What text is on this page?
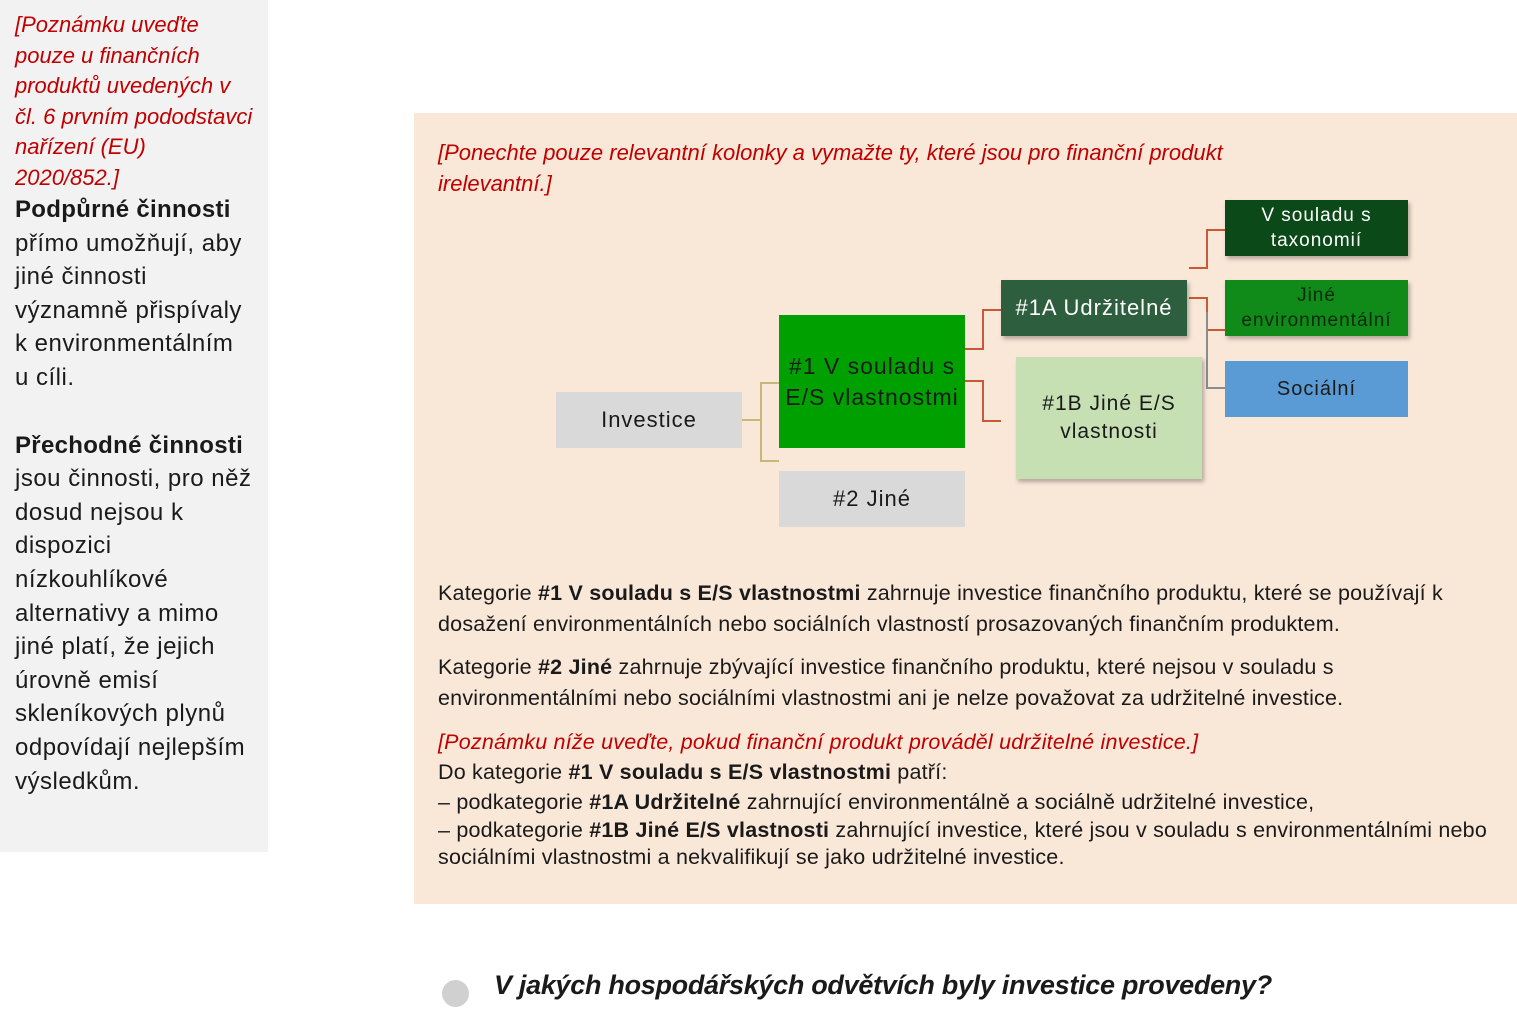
[Poznámku uveďte pouze u finančních produktů uvedených v čl. 6 prvním pododstavci nařízení (EU) 2020/852.]

Podpůrné činnosti přímo umožňují, aby jiné činnosti významně přispívaly k environmentálním u cíli.

Přechodné činnosti jsou činnosti, pro něž dosud nejsou k dispozici nízkouhlíkové alternativy a mimo jiné platí, že jejich úrovně emisí skleníkových plynů odpovídají nejlepším výsledkům.

[Ponechte pouze relevantní kolonky a vymažte ty, které jsou pro finanční produkt irelevantní.]

Investice
#1 V souladu s E/S vlastnostmi
#2 Jiné
#1A Udržitelné
#1B Jiné E/S vlastnosti
V souladu s taxonomií
Jiné environmentální
Sociální

Kategorie #1 V souladu s E/S vlastnostmi zahrnuje investice finančního produktu, které se používají k dosažení environmentálních nebo sociálních vlastností prosazovaných finančním produktem.

Kategorie #2 Jiné zahrnuje zbývající investice finančního produktu, které nejsou v souladu s environmentálními nebo sociálními vlastnostmi ani je nelze považovat za udržitelné investice.

[Poznámku níže uveďte, pokud finanční produkt prováděl udržitelné investice.]
Do kategorie #1 V souladu s E/S vlastnostmi patří:
– podkategorie #1A Udržitelné zahrnující environmentálně a sociálně udržitelné investice,
– podkategorie #1B Jiné E/S vlastnosti zahrnující investice, které jsou v souladu s environmentálními nebo sociálními vlastnostmi a nekvalifikují se jako udržitelné investice.

V jakých hospodářských odvětvích byly investice provedeny?
